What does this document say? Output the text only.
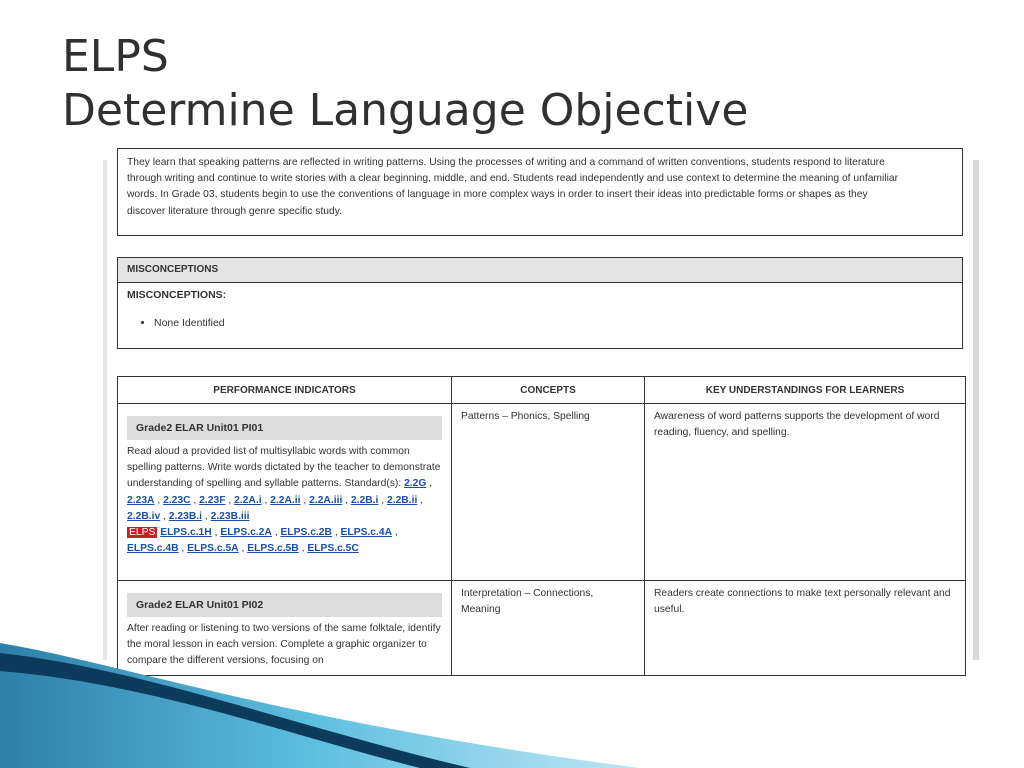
ELPS
Determine Language Objective

They learn that speaking patterns are reflected in writing patterns. Using the processes of writing and a command of written conventions, students respond to literature

through writing and continue to write stories with a clear beginning, middle, and end. Students read independently and use context to determine the meaning of unfamiliar

words. In Grade 03, students begin to use the conventions of language in more complex ways in order to insert their ideas into predictable forms or shapes as they

discover literature through genre specific study.

MISCONCEPTIONS
MISCONCEPTIONS:
• None Identified
PERFORMANCE INDICATORS	CONCEPTS	KEY UNDERSTANDINGS FOR LEARNERS

Grade2 ELAR Unit01 PI01
Read aloud a provided list of multisyllabic words with common spelling patterns. Write words dictated by the teacher to demonstrate understanding of spelling and syllable patterns. Standard(s): 2.2G , 2.23A , 2.23C , 2.23F , 2.2A.i , 2.2A.ii , 2.2A.iii , 2.2B.i , 2.2B.ii , 2.2B.iv , 2.23B.i , 2.23B.iii
ELPS ELPS.c.1H , ELPS.c.2A , ELPS.c.2B , ELPS.c.4A , ELPS.c.4B , ELPS.c.5A , ELPS.c.5B , ELPS.c.5C	Patterns – Phonics, Spelling	Awareness of word patterns supports the development of word reading, fluency, and spelling.

Grade2 ELAR Unit01 PI02
After reading or listening to two versions of the same folktale, identify the moral lesson in each version. Complete a graphic organizer to compare the different versions, focusing on	Interpretation – Connections, Meaning	Readers create connections to make text personally relevant and useful.
